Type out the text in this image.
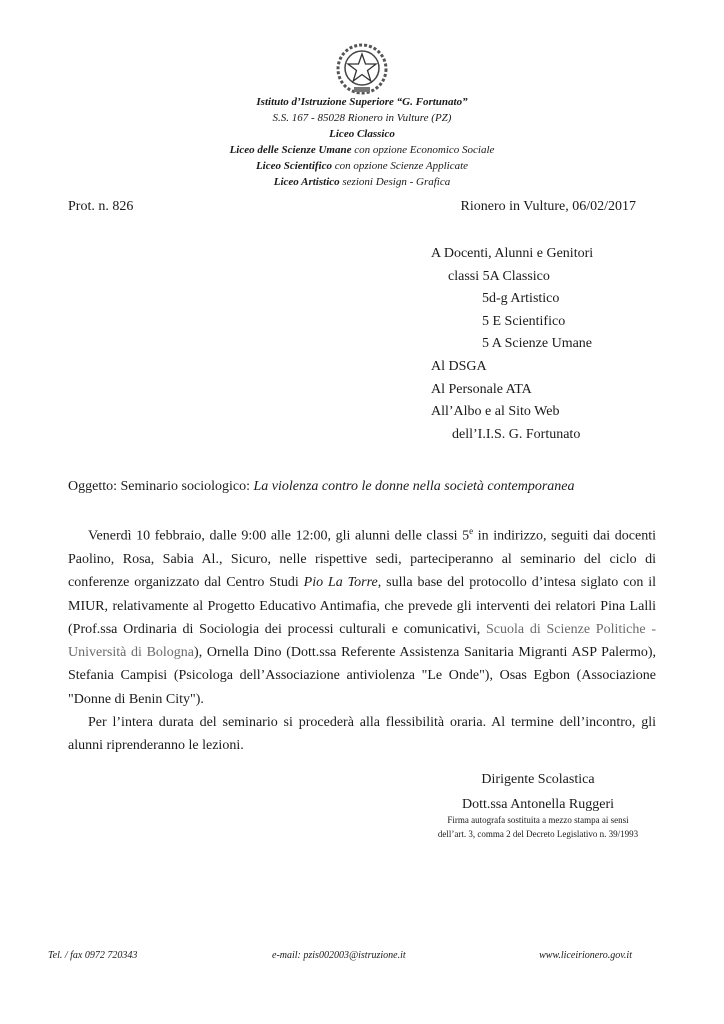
Istituto d’Istruzione Superiore “G. Fortunato”
S.S. 167 - 85028 Rionero in Vulture (PZ)
Liceo Classico
Liceo delle Scienze Umane con opzione Economico Sociale
Liceo Scientifico con opzione Scienze Applicate
Liceo Artistico sezioni Design - Grafica
Prot. n. 826	Rionero in Vulture, 06/02/2017
A Docenti, Alunni e Genitori
classi 5A Classico
5d-g Artistico
5 E Scientifico
5 A Scienze Umane
Al DSGA
Al Personale ATA
All’Albo e al Sito Web
dell’I.I.S. G. Fortunato
Oggetto: Seminario sociologico: La violenza contro le donne nella società contemporanea

Venerdì 10 febbraio, dalle 9:00 alle 12:00, gli alunni delle classi 5e in indirizzo, seguiti dai docenti Paolino, Rosa, Sabia Al., Sicuro, nelle rispettive sedi, parteciperanno al seminario del ciclo di conferenze organizzato dal Centro Studi Pio La Torre, sulla base del protocollo d’intesa siglato con il MIUR, relativamente al Progetto Educativo Antimafia, che prevede gli interventi dei relatori Pina Lalli (Prof.ssa Ordinaria di Sociologia dei processi culturali e comunicativi, Scuola di Scienze Politiche - Università di Bologna), Ornella Dino (Dott.ssa Referente Assistenza Sanitaria Migranti ASP Palermo), Stefania Campisi (Psicologa dell’Associazione antiviolenza "Le Onde"), Osas Egbon (Associazione "Donne di Benin City").

Per l’intera durata del seminario si procederà alla flessibilità oraria. Al termine dell’incontro, gli alunni riprenderanno le lezioni.

Dirigente Scolastica
Dott.ssa Antonella Ruggeri
Firma autografa sostituita a mezzo stampa ai sensi
dell’art. 3, comma 2 del Decreto Legislativo n. 39/1993
Tel. / fax 0972 720343	e-mail: pzis002003@istruzione.it	www.liceirionero.gov.it
